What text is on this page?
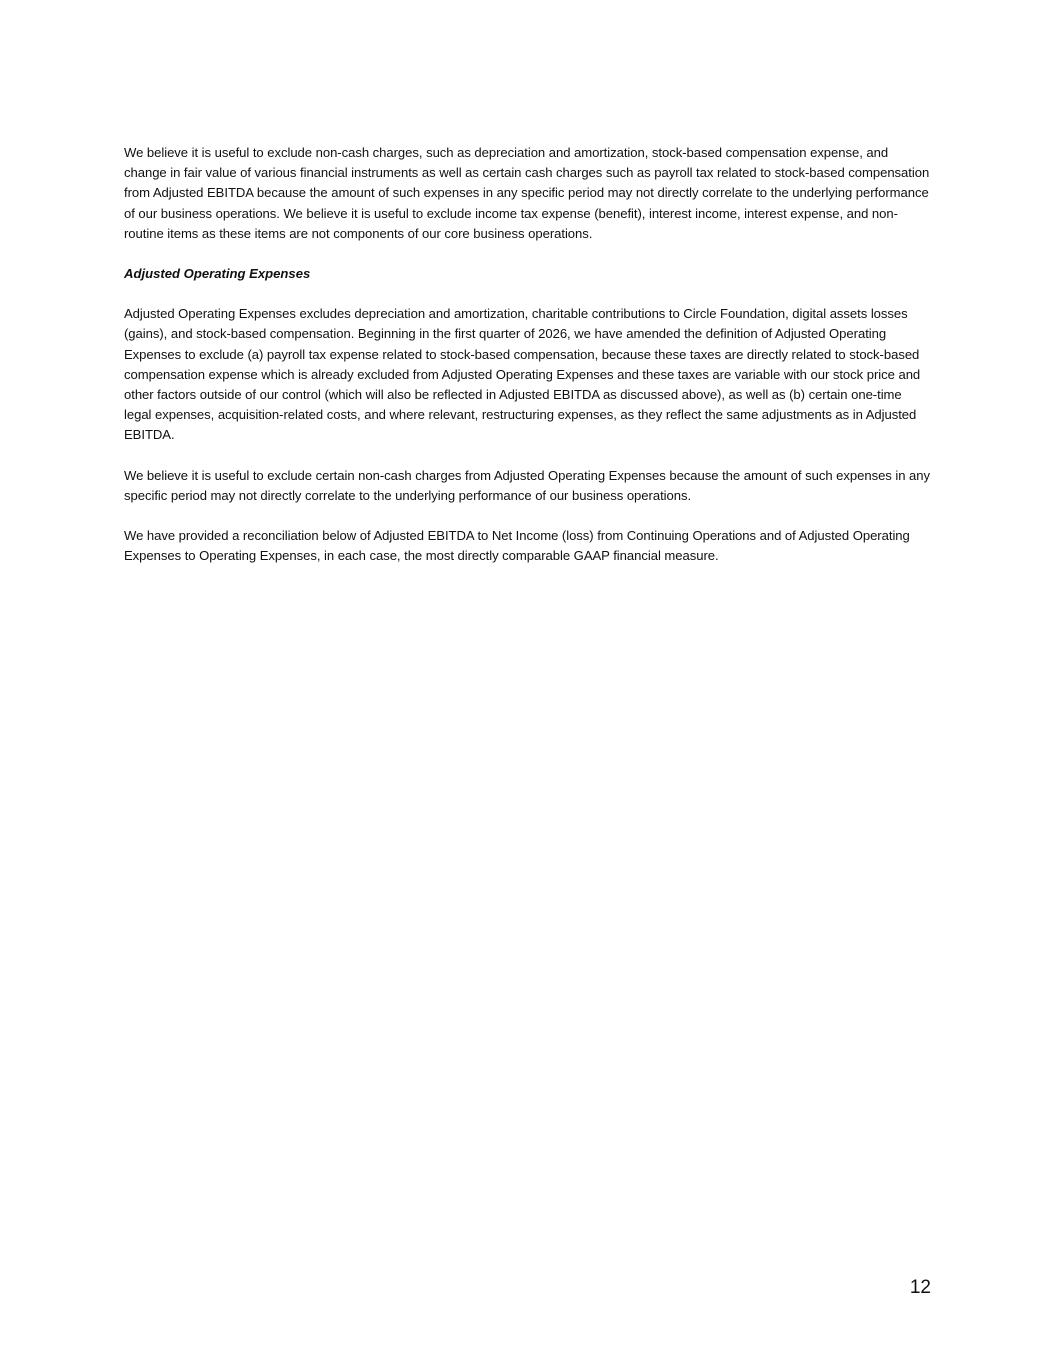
We believe it is useful to exclude non-cash charges, such as depreciation and amortization, stock-based compensation expense, and change in fair value of various financial instruments as well as certain cash charges such as payroll tax related to stock-based compensation from Adjusted EBITDA because the amount of such expenses in any specific period may not directly correlate to the underlying performance of our business operations. We believe it is useful to exclude income tax expense (benefit), interest income, interest expense, and non-routine items as these items are not components of our core business operations.

Adjusted Operating Expenses

Adjusted Operating Expenses excludes depreciation and amortization, charitable contributions to Circle Foundation, digital assets losses (gains), and stock-based compensation. Beginning in the first quarter of 2026, we have amended the definition of Adjusted Operating Expenses to exclude (a) payroll tax expense related to stock-based compensation, because these taxes are directly related to stock-based compensation expense which is already excluded from Adjusted Operating Expenses and these taxes are variable with our stock price and other factors outside of our control (which will also be reflected in Adjusted EBITDA as discussed above), as well as (b) certain one-time legal expenses, acquisition-related costs, and where relevant, restructuring expenses, as they reflect the same adjustments as in Adjusted EBITDA.

We believe it is useful to exclude certain non-cash charges from Adjusted Operating Expenses because the amount of such expenses in any specific period may not directly correlate to the underlying performance of our business operations.

We have provided a reconciliation below of Adjusted EBITDA to Net Income (loss) from Continuing Operations and of Adjusted Operating Expenses to Operating Expenses, in each case, the most directly comparable GAAP financial measure.

12
